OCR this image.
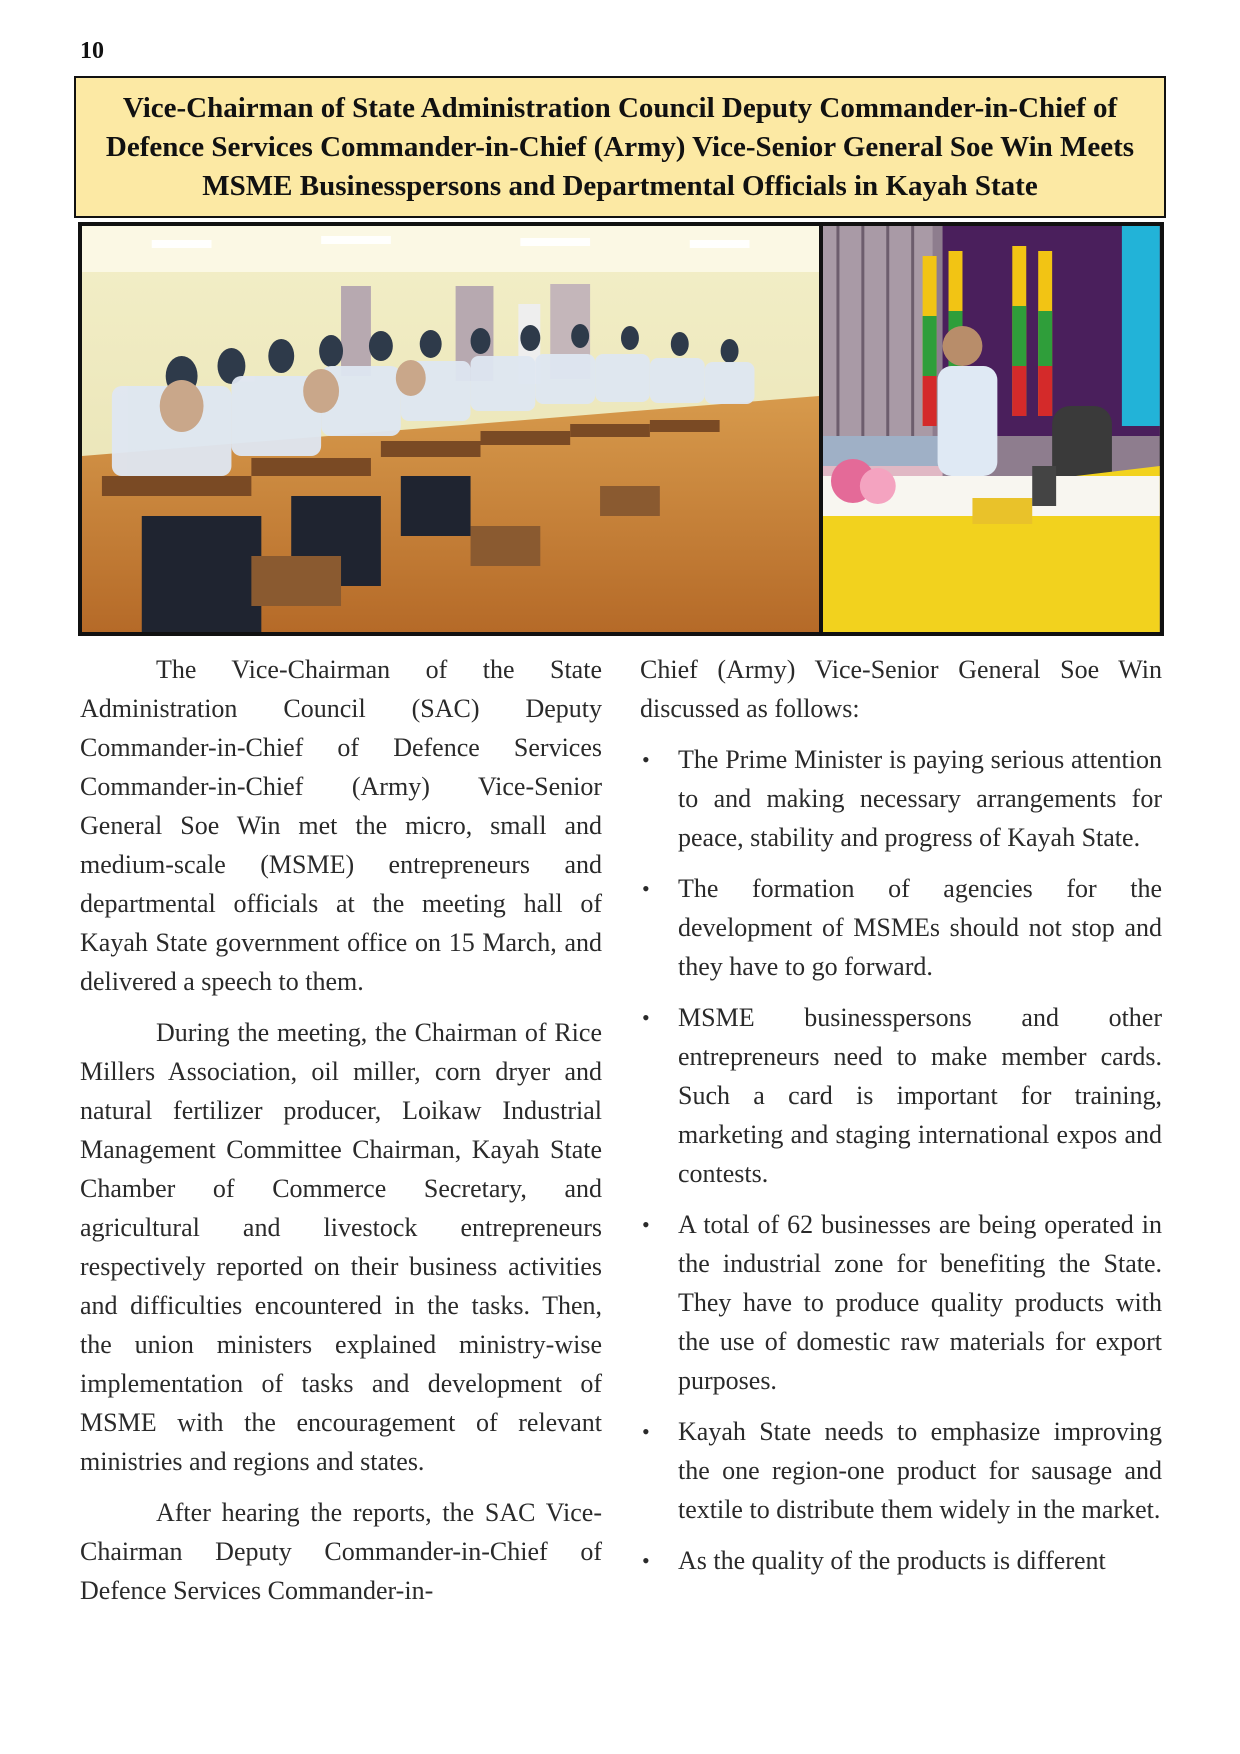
10
Vice-Chairman of State Administration Council Deputy Commander-in-Chief of Defence Services Commander-in-Chief (Army) Vice-Senior General Soe Win Meets MSME Businesspersons and Departmental Officials in Kayah State

The Vice-Chairman of the State Administration Council (SAC) Deputy Commander-in-Chief of Defence Services Commander-in-Chief (Army) Vice-Senior General Soe Win met the micro, small and medium-scale (MSME) entrepreneurs and departmental officials at the meeting hall of Kayah State government office on 15 March, and delivered a speech to them.

During the meeting, the Chairman of Rice Millers Association, oil miller, corn dryer and natural fertilizer producer, Loikaw Industrial Management Committee Chairman, Kayah State Chamber of Commerce Secretary, and agricultural and livestock entrepreneurs respectively reported on their business activities and difficulties encountered in the tasks. Then, the union ministers explained ministry-wise implementation of tasks and development of MSME with the encouragement of relevant ministries and regions and states.

After hearing the reports, the SAC Vice-Chairman Deputy Commander-in-Chief of Defence Services Commander-in-

Chief (Army) Vice-Senior General Soe Win discussed as follows:

• The Prime Minister is paying serious attention to and making necessary arrangements for peace, stability and progress of Kayah State.
• The formation of agencies for the development of MSMEs should not stop and they have to go forward.
• MSME businesspersons and other entrepreneurs need to make member cards. Such a card is important for training, marketing and staging international expos and contests.
• A total of 62 businesses are being operated in the industrial zone for benefiting the State. They have to produce quality products with the use of domestic raw materials for export purposes.
• Kayah State needs to emphasize improving the one region-one product for sausage and textile to distribute them widely in the market.
• As the quality of the products is different
